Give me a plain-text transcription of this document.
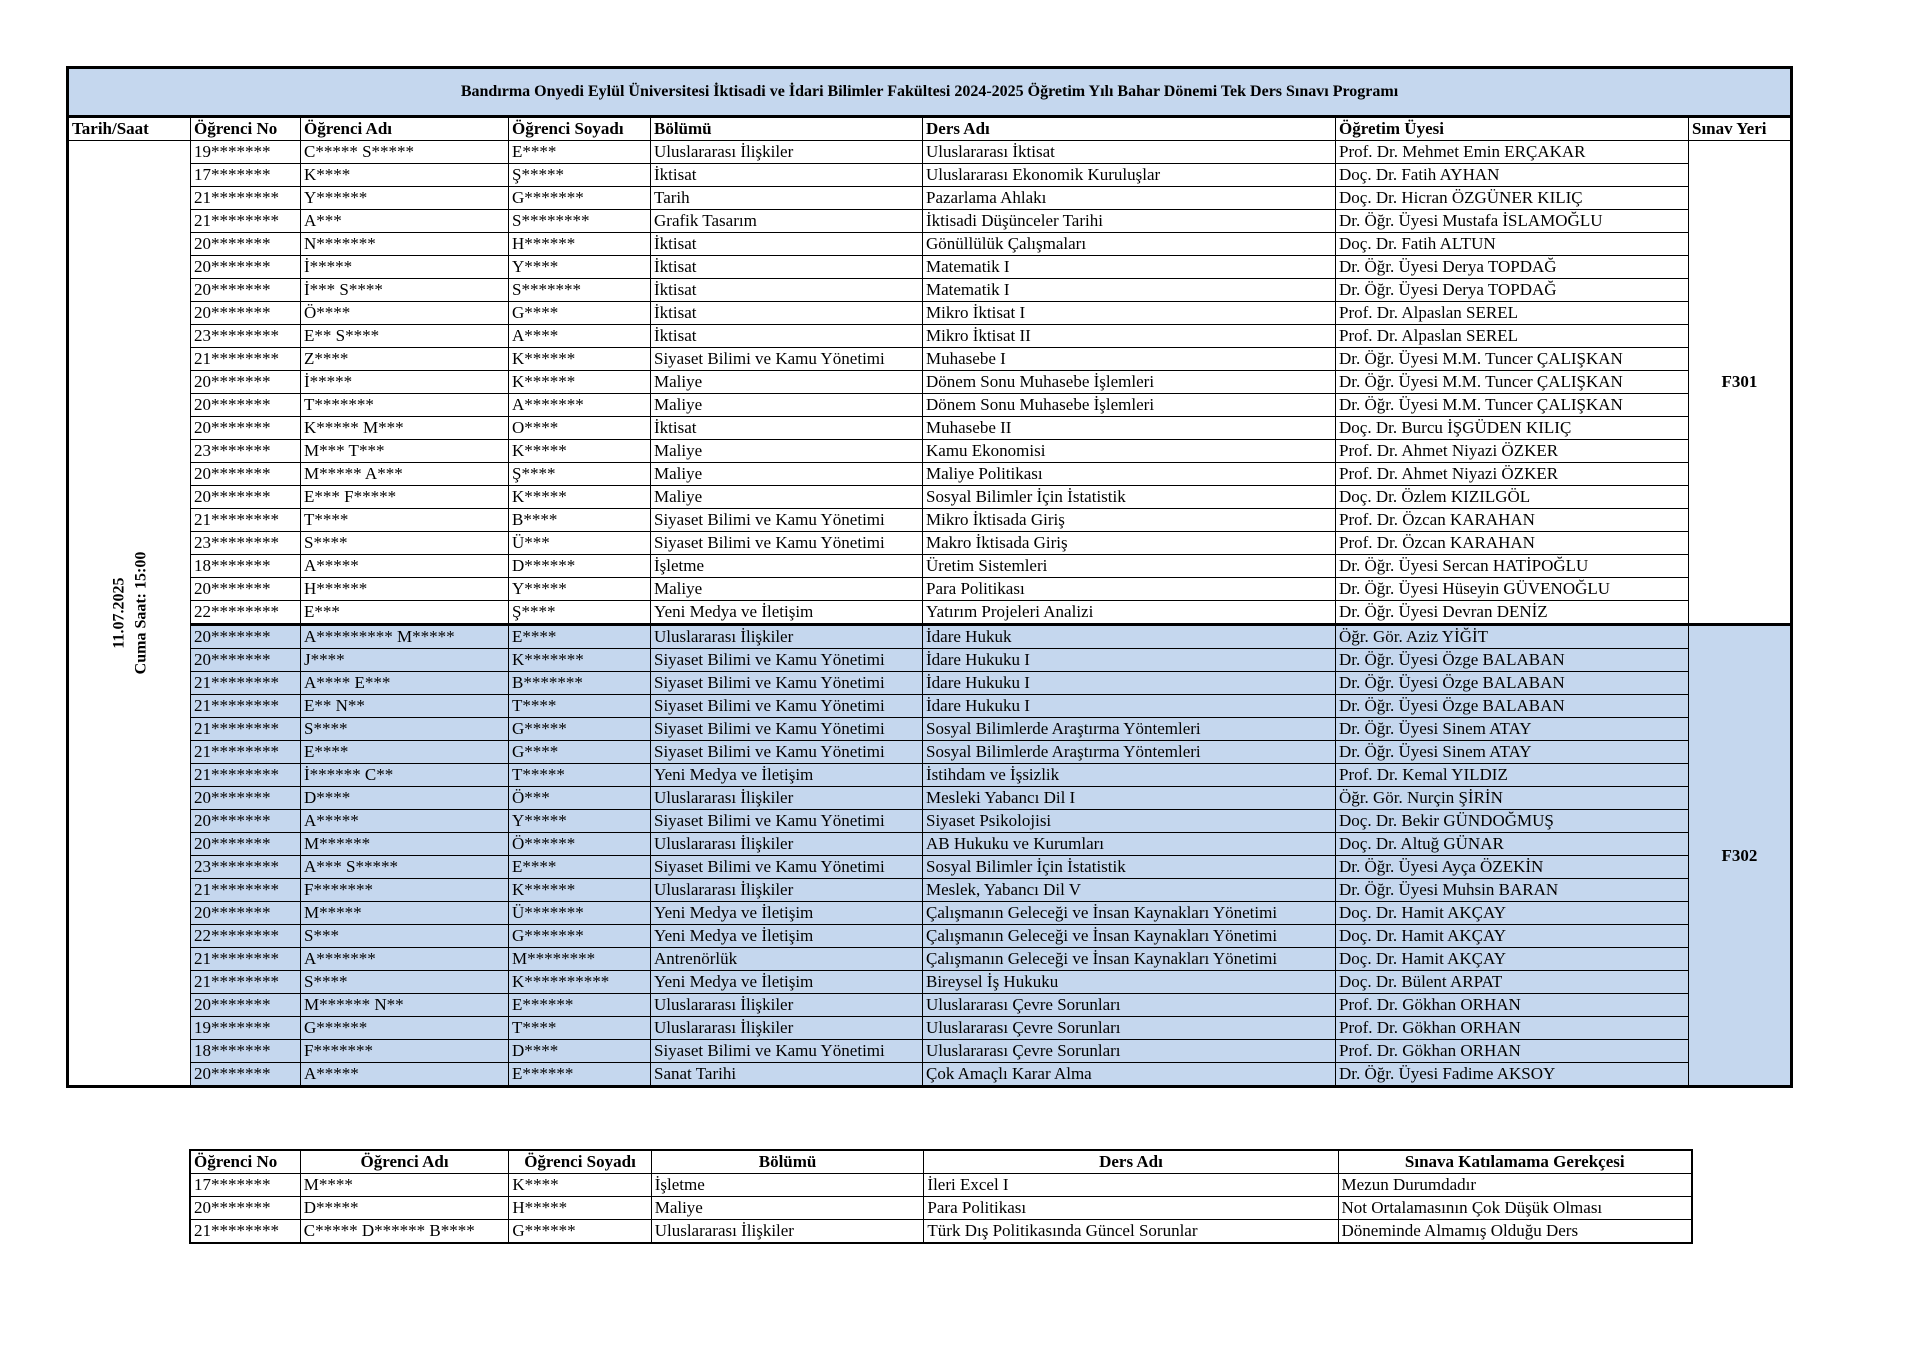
Bandırma Onyedi Eylül Üniversitesi İktisadi ve İdari Bilimler Fakültesi 2024-2025 Öğretim Yılı Bahar Dönemi Tek Ders Sınavı Programı							
Tarih/Saat	Öğrenci No	Öğrenci Adı	Öğrenci Soyadı	Bölümü	Ders Adı	Öğretim Üyesi	Sınav Yeri

11.07.2025 Cuma Saat: 15:00	19*******	C***** S*****	E****	Uluslararası İlişkiler	Uluslararası İktisat	Prof. Dr. Mehmet Emin ERÇAKAR	F301
	17*******	K****	Ş*****	İktisat	Uluslararası Ekonomik Kuruluşlar	Doç. Dr. Fatih AYHAN	
	21********	Y******	G*******	Tarih	Pazarlama Ahlakı	Doç. Dr. Hicran ÖZGÜNER KILIÇ	
	21********	A***	S********	Grafik Tasarım	İktisadi Düşünceler Tarihi	Dr. Öğr. Üyesi Mustafa İSLAMOĞLU	
	20*******	N*******	H******	İktisat	Gönüllülük Çalışmaları	Doç. Dr. Fatih ALTUN	
	20*******	İ*****	Y****	İktisat	Matematik I	Dr. Öğr. Üyesi Derya TOPDAĞ	
	20*******	İ*** S****	S*******	İktisat	Matematik I	Dr. Öğr. Üyesi Derya TOPDAĞ	
	20*******	Ö****	G****	İktisat	Mikro İktisat I	Prof. Dr. Alpaslan SEREL	
	23********	E** S****	A****	İktisat	Mikro İktisat II	Prof. Dr. Alpaslan SEREL	
	21********	Z****	K******	Siyaset Bilimi ve Kamu Yönetimi	Muhasebe I	Dr. Öğr. Üyesi M.M. Tuncer ÇALIŞKAN	
	20*******	İ*****	K******	Maliye	Dönem Sonu Muhasebe İşlemleri	Dr. Öğr. Üyesi M.M. Tuncer ÇALIŞKAN	
	20*******	T*******	A*******	Maliye	Dönem Sonu Muhasebe İşlemleri	Dr. Öğr. Üyesi M.M. Tuncer ÇALIŞKAN	
	20*******	K***** M***	O****	İktisat	Muhasebe II	Doç. Dr. Burcu İŞGÜDEN KILIÇ	
	23*******	M*** T***	K*****	Maliye	Kamu Ekonomisi	Prof. Dr. Ahmet Niyazi ÖZKER	
	20*******	M***** A***	Ş****	Maliye	Maliye Politikası	Prof. Dr. Ahmet Niyazi ÖZKER	
	20*******	E*** F*****	K*****	Maliye	Sosyal Bilimler İçin İstatistik	Doç. Dr. Özlem KIZILGÖL	
	21********	T****	B****	Siyaset Bilimi ve Kamu Yönetimi	Mikro İktisada Giriş	Prof. Dr. Özcan KARAHAN	
	23********	S****	Ü***	Siyaset Bilimi ve Kamu Yönetimi	Makro İktisada Giriş	Prof. Dr. Özcan KARAHAN	
	18*******	A*****	D******	İşletme	Üretim Sistemleri	Dr. Öğr. Üyesi Sercan HATİPOĞLU	
	20*******	H******	Y*****	Maliye	Para Politikası	Dr. Öğr. Üyesi Hüseyin GÜVENOĞLU	
	22********	E***	Ş****	Yeni Medya ve İletişim	Yatırım Projeleri Analizi	Dr. Öğr. Üyesi Devran DENİZ	
	20*******	A********* M*****	E****	Uluslararası İlişkiler	İdare Hukuk	Öğr. Gör. Aziz YİĞİT	F302
	20*******	J****	K*******	Siyaset Bilimi ve Kamu Yönetimi	İdare Hukuku I	Dr. Öğr. Üyesi Özge BALABAN	
	21********	A**** E***	B*******	Siyaset Bilimi ve Kamu Yönetimi	İdare Hukuku I	Dr. Öğr. Üyesi Özge BALABAN	
	21********	E** N**	T****	Siyaset Bilimi ve Kamu Yönetimi	İdare Hukuku I	Dr. Öğr. Üyesi Özge BALABAN	
	21********	S****	G*****	Siyaset Bilimi ve Kamu Yönetimi	Sosyal Bilimlerde Araştırma Yöntemleri	Dr. Öğr. Üyesi Sinem ATAY	
	21********	E****	G****	Siyaset Bilimi ve Kamu Yönetimi	Sosyal Bilimlerde Araştırma Yöntemleri	Dr. Öğr. Üyesi Sinem ATAY	
	21********	İ****** C**	T*****	Yeni Medya ve İletişim	İstihdam ve İşsizlik	Prof. Dr. Kemal YILDIZ	
	20*******	D****	Ö***	Uluslararası İlişkiler	Mesleki Yabancı Dil I	Öğr. Gör. Nurçin ŞİRİN	
	20*******	A*****	Y*****	Siyaset Bilimi ve Kamu Yönetimi	Siyaset Psikolojisi	Doç. Dr. Bekir GÜNDOĞMUŞ	
	20*******	M******	Ö******	Uluslararası İlişkiler	AB Hukuku ve Kurumları	Doç. Dr. Altuğ GÜNAR	
	23********	A*** S*****	E****	Siyaset Bilimi ve Kamu Yönetimi	Sosyal Bilimler İçin İstatistik	Dr. Öğr. Üyesi Ayça ÖZEKİN	
	21********	F*******	K******	Uluslararası İlişkiler	Meslek, Yabancı Dil V	Dr. Öğr. Üyesi Muhsin BARAN	
	20*******	M*****	Ü*******	Yeni Medya ve İletişim	Çalışmanın Geleceği ve İnsan Kaynakları Yönetimi	Doç. Dr. Hamit AKÇAY	
	22********	S***	G*******	Yeni Medya ve İletişim	Çalışmanın Geleceği ve İnsan Kaynakları Yönetimi	Doç. Dr. Hamit AKÇAY	
	21********	A*******	M********	Antrenörlük	Çalışmanın Geleceği ve İnsan Kaynakları Yönetimi	Doç. Dr. Hamit AKÇAY	
	21********	S****	K**********	Yeni Medya ve İletişim	Bireysel İş Hukuku	Doç. Dr. Bülent ARPAT	
	20*******	M****** N**	E******	Uluslararası İlişkiler	Uluslararası Çevre Sorunları	Prof. Dr. Gökhan ORHAN	
	19*******	G******	T****	Uluslararası İlişkiler	Uluslararası Çevre Sorunları	Prof. Dr. Gökhan ORHAN	
	18*******	F*******	D****	Siyaset Bilimi ve Kamu Yönetimi	Uluslararası Çevre Sorunları	Prof. Dr. Gökhan ORHAN	
	20*******	A*****	E******	Sanat Tarihi	Çok Amaçlı Karar Alma	Dr. Öğr. Üyesi Fadime AKSOY	
Öğrenci No	Öğrenci Adı	Öğrenci Soyadı	Bölümü	Ders Adı	Sınava Katılamama Gerekçesi
17*******	M****	K****	İşletme	İleri Excel I	Mezun Durumdadır
20*******	D*****	H*****	Maliye	Para Politikası	Not Ortalamasının Çok Düşük Olması
21********	C***** D****** B****	G******	Uluslararası İlişkiler	Türk Dış Politikasında Güncel Sorunlar	Döneminde Almamış Olduğu Ders
